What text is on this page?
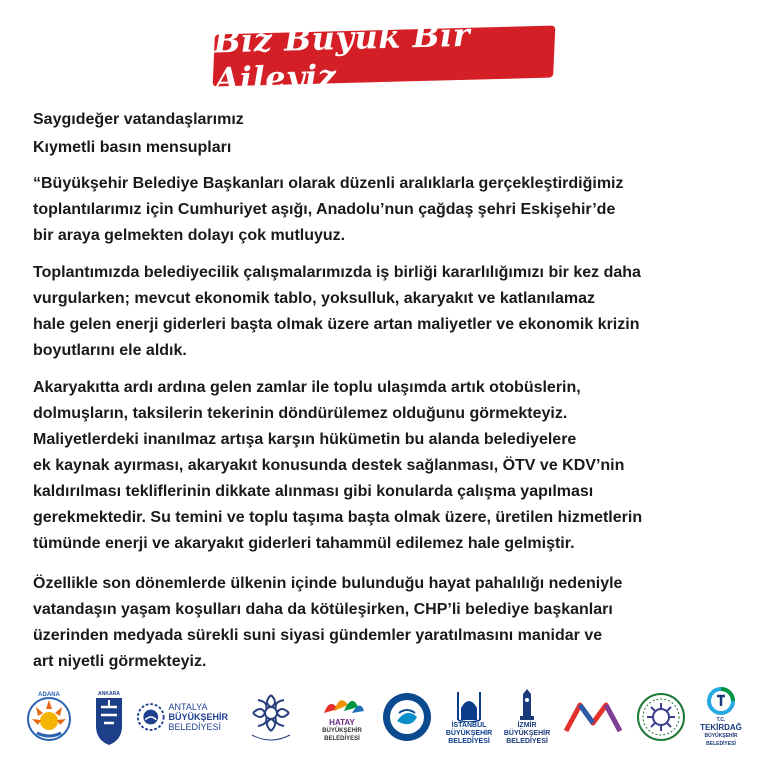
Biz Büyük Bir Aileyiz

Saygıdeğer vatandaşlarımız

Kıymetli basın mensupları

“Büyükşehir Belediye Başkanları olarak düzenli aralıklarla gerçekleştirdiğimiz
toplantılarımız için Cumhuriyet aşığı, Anadolu’nun çağdaş şehri Eskişehir’de
bir araya gelmekten dolayı çok mutluyuz.
Toplantımızda belediyecilik çalışmalarımızda iş birliği kararlılığımızı bir kez daha
vurgularken; mevcut ekonomik tablo, yoksulluk, akaryakıt ve katlanılamaz
hale gelen enerji giderleri başta olmak üzere artan maliyetler ve ekonomik krizin
boyutlarını ele aldık.
Akaryakıtta ardı ardına gelen zamlar ile toplu ulaşımda artık otobüslerin,
dolmuşların, taksilerin tekerinin döndürülemez olduğunu görmekteyiz.
Maliyetlerdeki inanılmaz artışa karşın hükümetin bu alanda belediyelere
ek kaynak ayırması, akaryakıt konusunda destek sağlanması, ÖTV ve KDV’nin
kaldırılması tekliflerinin dikkate alınması gibi konularda çalışma yapılması
gerekmektedir. Su temini ve toplu taşıma başta olmak üzere, üretilen hizmetlerin
tümünde enerji ve akaryakıt giderleri tahammül edilemez hale gelmiştir.
Özellikle son dönemlerde ülkenin içinde bulunduğu hayat pahalılığı nedeniyle
vatandaşın yaşam koşulları daha da kötüleşirken, CHP’li belediye başkanları
üzerinden medyada sürekli suni siyasi gündemler yaratılmasını manidar ve
art niyetli görmekteyiz.
ADANA	ANKARA
ANTALYA
BÜYÜKŞEHİR
BELEDİYESİ	HATAY
BÜYÜKŞEHİR BELEDİYESİ
İSTANBUL
BÜYÜKŞEHİR
BELEDİYESİ
İZMİR
BÜYÜKŞEHİR
BELEDİYESİ
T.C.
TEKİRDAĞ
BÜYÜKŞEHİR BELEDİYESİ
